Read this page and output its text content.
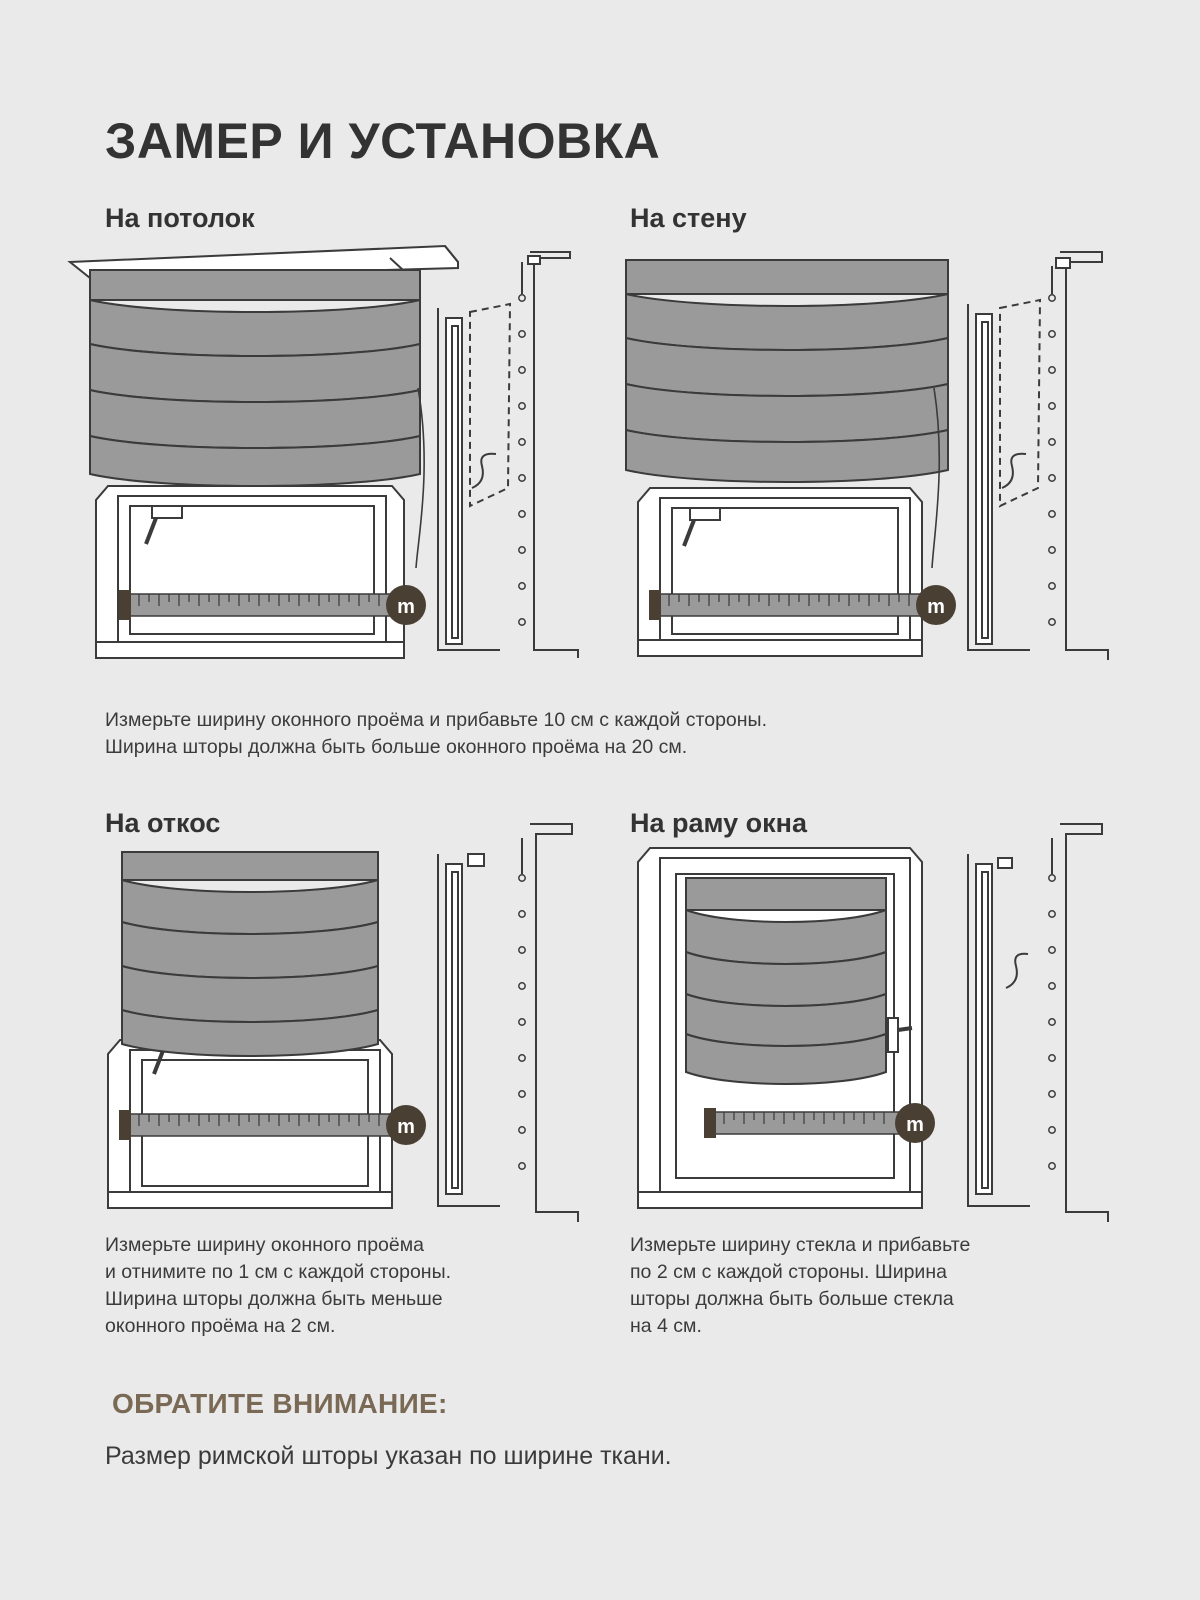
ЗАМЕР И УСТАНОВКА
На потолок
m
Измерьте ширину оконного проёма и прибавьте 10 см с каждой стороны.
Ширина шторы должна быть больше оконного проёма на 20 см.
На стену
m
На откос
m
Измерьте ширину оконного проёма
и отнимите по 1 см с каждой стороны.
Ширина шторы должна быть меньше
оконного проёма на 2 см.
На раму окна
m
Измерьте ширину стекла и прибавьте
по 2 см с каждой стороны. Ширина
шторы должна быть больше стекла
на 4 см.
ОБРАТИТЕ ВНИМАНИЕ:
Размер римской шторы указан по ширине ткани.
